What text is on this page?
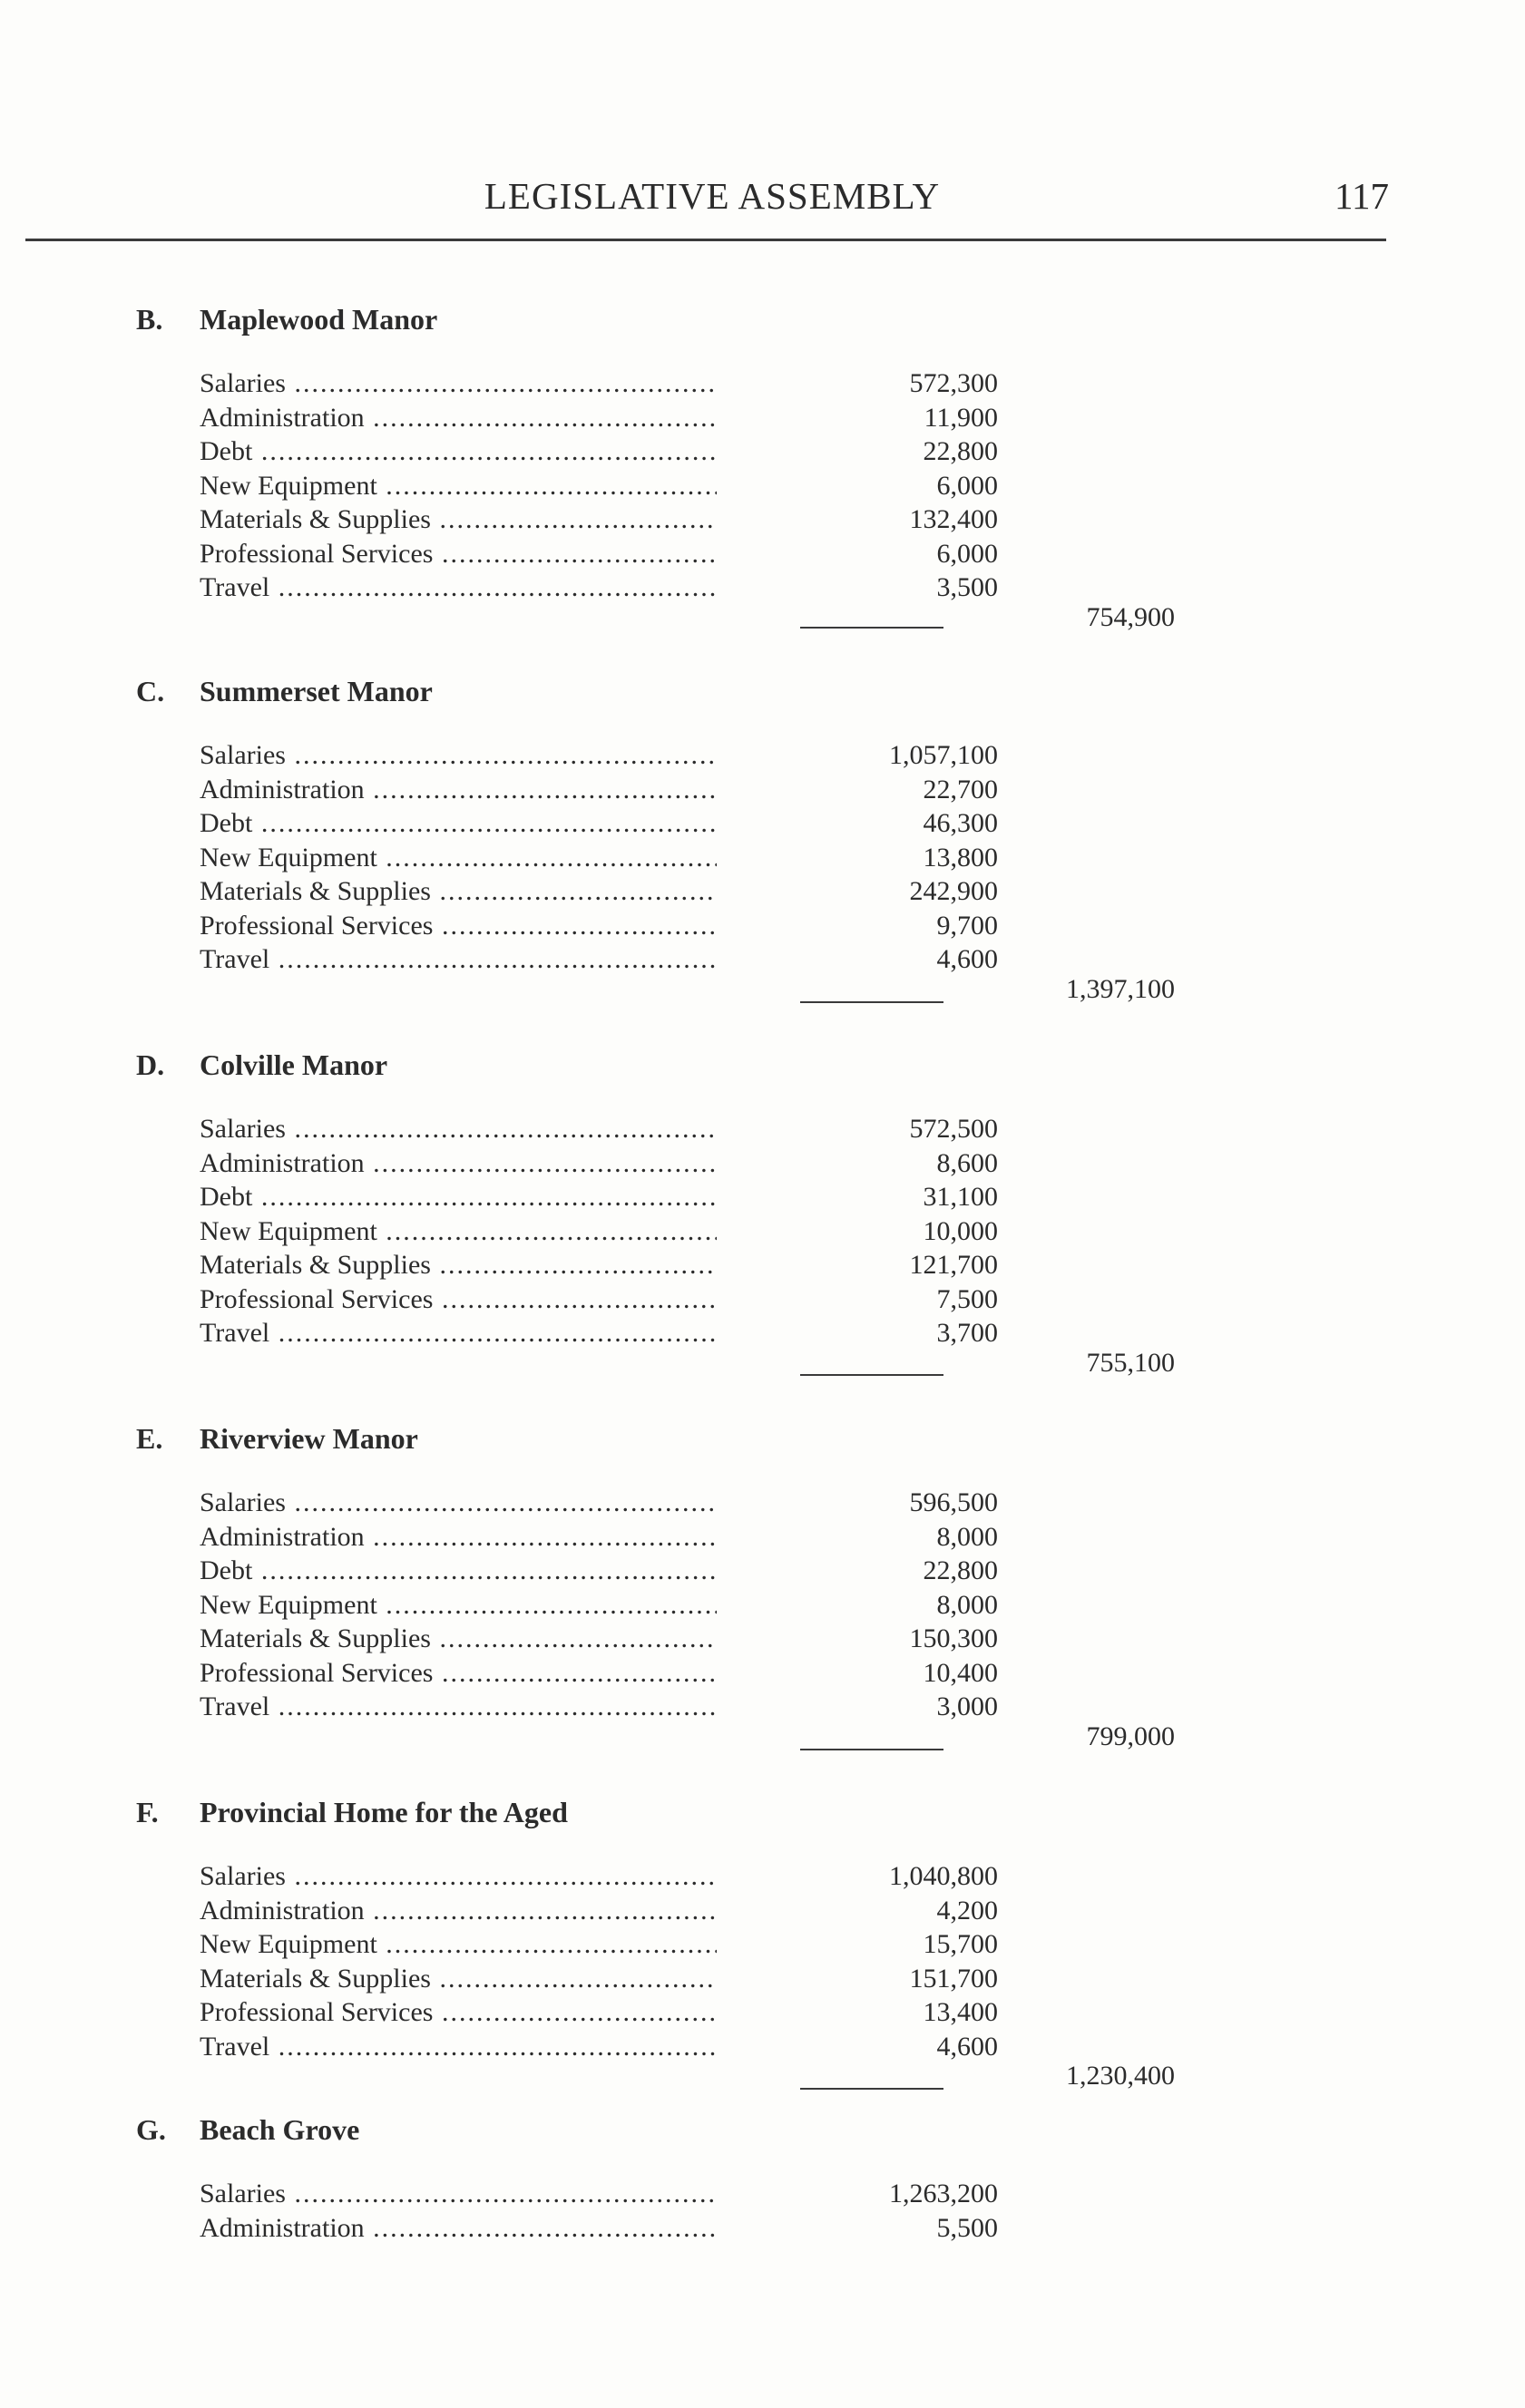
LEGISLATIVE ASSEMBLY	117
B. Maplewood Manor
Salaries .....	572,300
Administration .....	11,900
Debt .....	22,800
New Equipment .....	6,000
Materials & Supplies .....	132,400
Professional Services .....	6,000
Travel .....	3,500
754,900
C. Summerset Manor
Salaries .....	1,057,100
Administration .....	22,700
Debt .....	46,300
New Equipment .....	13,800
Materials & Supplies .....	242,900
Professional Services .....	9,700
Travel .....	4,600
1,397,100
D. Colville Manor
Salaries .....	572,500
Administration .....	8,600
Debt .....	31,100
New Equipment .....	10,000
Materials & Supplies .....	121,700
Professional Services .....	7,500
Travel .....	3,700
755,100
E. Riverview Manor
Salaries .....	596,500
Administration .....	8,000
Debt .....	22,800
New Equipment .....	8,000
Materials & Supplies .....	150,300
Professional Services .....	10,400
Travel .....	3,000
799,000
F. Provincial Home for the Aged
Salaries .....	1,040,800
Administration .....	4,200
New Equipment .....	15,700
Materials & Supplies .....	151,700
Professional Services .....	13,400
Travel .....	4,600
1,230,400
G. Beach Grove
Salaries .....	1,263,200
Administration .....	5,500
